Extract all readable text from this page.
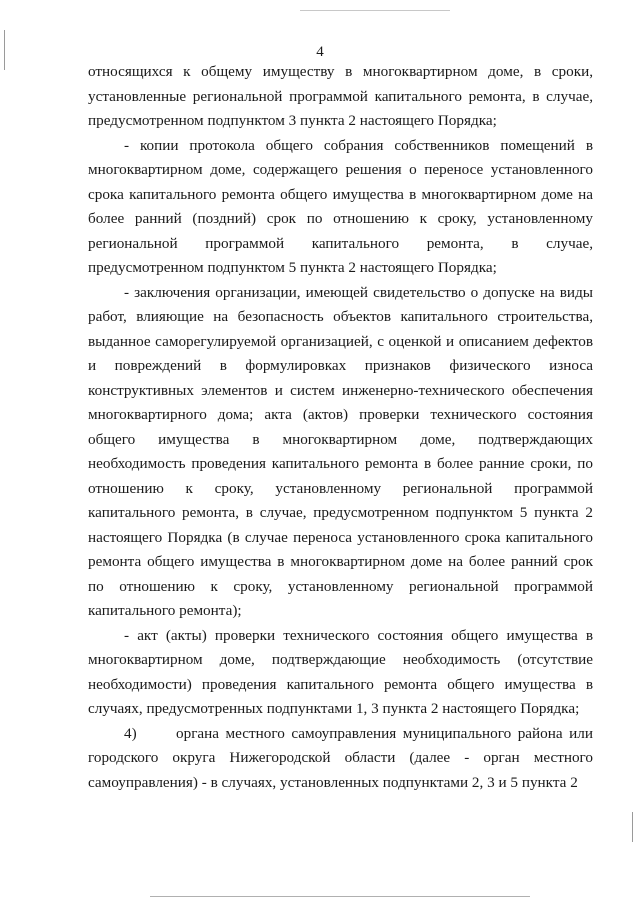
4

относящихся к общему имуществу в многоквартирном доме, в сроки, установленные региональной программой капитального ремонта, в случае, предусмотренном подпунктом 3 пункта 2 настоящего Порядка;

- копии протокола общего собрания собственников помещений в многоквартирном доме, содержащего решения о переносе установленного срока капитального ремонта общего имущества в многоквартирном доме на более ранний (поздний) срок по отношению к сроку, установленному региональной программой капитального ремонта, в случае, предусмотренном подпунктом 5 пункта 2 настоящего Порядка;

- заключения организации, имеющей свидетельство о допуске на виды работ, влияющие на безопасность объектов капитального строительства, выданное саморегулируемой организацией, с оценкой и описанием дефектов и повреждений в формулировках признаков физического износа конструктивных элементов и систем инженерно-технического обеспечения многоквартирного дома; акта (актов) проверки технического состояния общего имущества в многоквартирном доме, подтверждающих необходимость проведения капитального ремонта в более ранние сроки, по отношению к сроку, установленному региональной программой капитального ремонта, в случае, предусмотренном подпунктом 5 пункта 2 настоящего Порядка (в случае переноса установленного срока капитального ремонта общего имущества в многоквартирном доме на более ранний срок по отношению к сроку, установленному региональной программой капитального ремонта);

- акт (акты) проверки технического состояния общего имущества в многоквартирном доме, подтверждающие необходимость (отсутствие необходимости) проведения капитального ремонта общего имущества в случаях, предусмотренных подпунктами 1, 3 пункта 2 настоящего Порядка;

4)	органа местного самоуправления муниципального района или городского округа Нижегородской области (далее - орган местного самоуправления) - в случаях, установленных подпунктами 2, 3 и 5 пункта 2
